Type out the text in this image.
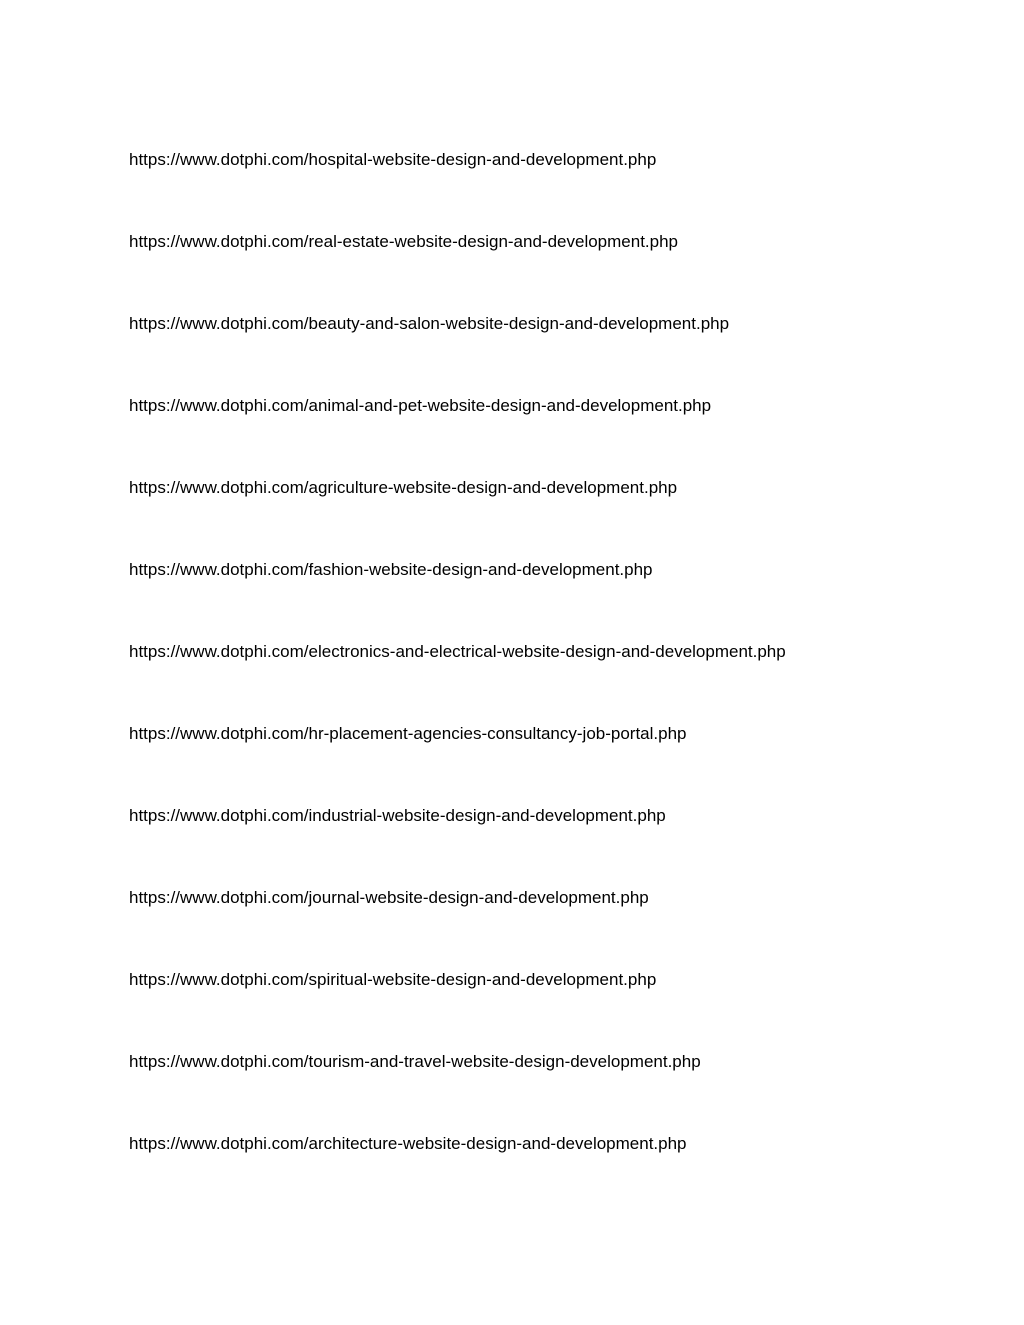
https://www.dotphi.com/hospital-website-design-and-development.php
https://www.dotphi.com/real-estate-website-design-and-development.php
https://www.dotphi.com/beauty-and-salon-website-design-and-development.php
https://www.dotphi.com/animal-and-pet-website-design-and-development.php
https://www.dotphi.com/agriculture-website-design-and-development.php
https://www.dotphi.com/fashion-website-design-and-development.php
https://www.dotphi.com/electronics-and-electrical-website-design-and-development.php
https://www.dotphi.com/hr-placement-agencies-consultancy-job-portal.php
https://www.dotphi.com/industrial-website-design-and-development.php
https://www.dotphi.com/journal-website-design-and-development.php
https://www.dotphi.com/spiritual-website-design-and-development.php
https://www.dotphi.com/tourism-and-travel-website-design-development.php
https://www.dotphi.com/architecture-website-design-and-development.php
